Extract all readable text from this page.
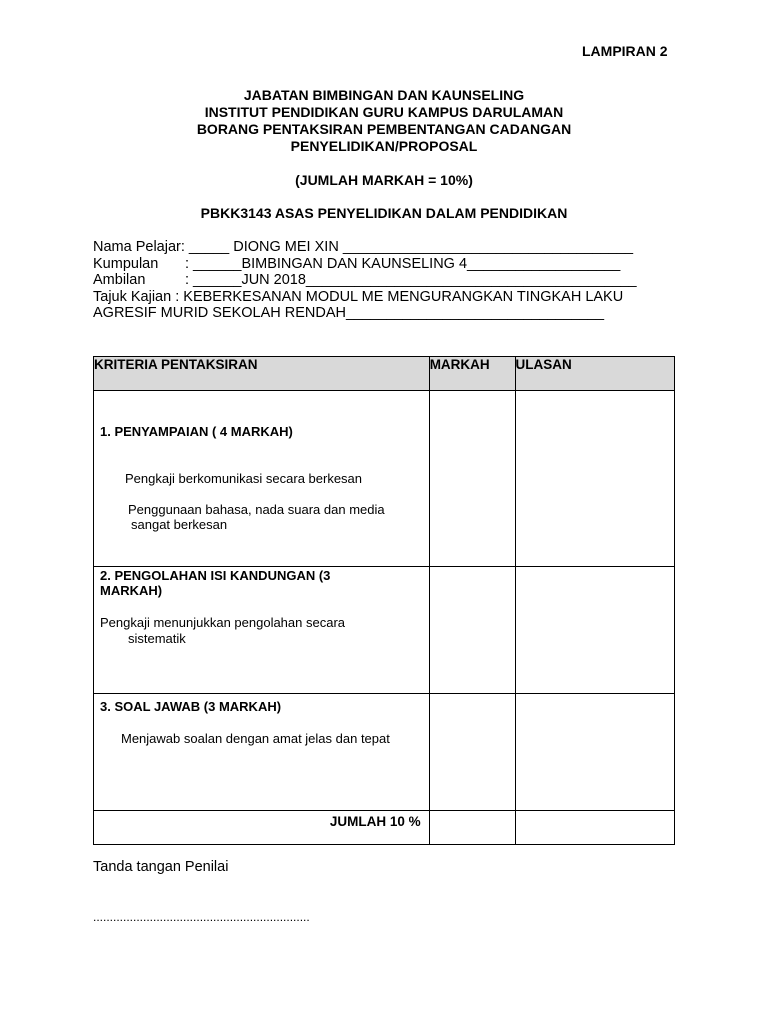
LAMPIRAN 2
JABATAN BIMBINGAN DAN KAUNSELING
INSTITUT PENDIDIKAN GURU KAMPUS DARULAMAN
BORANG PENTAKSIRAN PEMBENTANGAN CADANGAN
PENYELIDIKAN/PROPOSAL
(JUMLAH MARKAH = 10%)
PBKK3143 ASAS PENYELIDIKAN DALAM PENDIDIKAN
Nama Pelajar: _____ DIONG MEI XIN ____________________________________
Kumpulan : ______BIMBINGAN DAN KAUNSELING 4___________________
Ambilan	: ______JUN 2018_________________________________________
Tajuk Kajian : KEBERKESANAN MODUL ME MENGURANGKAN TINGKAH LAKU
AGRESIF MURID SEKOLAH RENDAH________________________________
KRITERIA PENTAKSIRAN	MARKAH	ULASAN

1. PENYAMPAIAN ( 4 MARKAH)
Pengkaji berkomunikasi secara berkesan
Penggunaan bahasa, nada suara dan media
sangat berkesan		

2. PENGOLAHAN ISI KANDUNGAN (3
MARKAH)
Pengkaji menunjukkan pengolahan secara
sistematik		

3. SOAL JAWAB (3 MARKAH)
Menjawab soalan dengan amat jelas dan tepat		

JUMLAH 10 %		

Tanda tangan Penilai
.................................................................
